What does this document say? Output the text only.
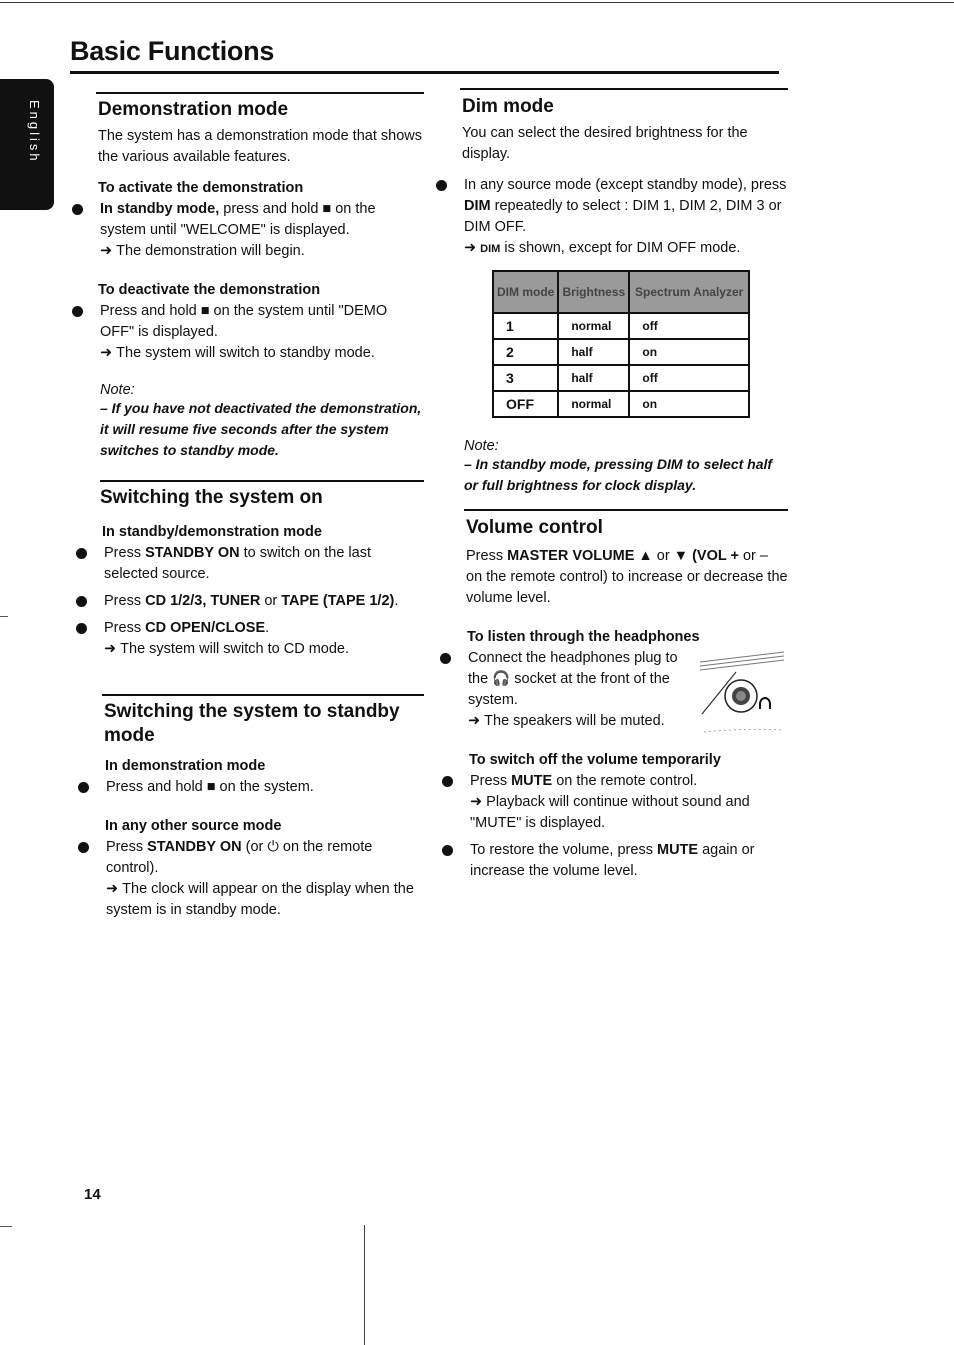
Basic Functions
English	Demonstration mode

The system has a demonstration mode that shows the various available features.

To activate the demonstration
In standby mode, press and hold ■ on the system until "WELCOME" is displayed.
➜ The demonstration will begin.
To deactivate the demonstration
Press and hold ■ on the system until "DEMO OFF" is displayed.
➜ The system will switch to standby mode.
Note:
– If you have not deactivated the demonstration, it will resume five seconds after the system switches to standby mode.
Switching the system on
In standby/demonstration mode
Press STANDBY ON to switch on the last selected source.
Press CD 1/2/3, TUNER or TAPE (TAPE 1/2).
Press CD OPEN/CLOSE.
➜ The system will switch to CD mode.
Switching the system to standby mode
In demonstration mode
Press and hold ■ on the system.
In any other source mode
Press STANDBY ON (or ⏻ on the remote control).
➜ The clock will appear on the display when the system is in standby mode.
Dim mode

You can select the desired brightness for the display.

In any source mode (except standby mode), press DIM repeatedly to select : DIM 1, DIM 2, DIM 3 or DIM OFF.
➜ DIM is shown, except for DIM OFF mode.
DIM mode	Brightness	Spectrum Analyzer
1	normal	off
2	half	on
3	half	off
OFF	normal	on
Note:
– In standby mode, pressing DIM to select half or full brightness for clock display.
Volume control

Press MASTER VOLUME ▲ or ▼ (VOL + or – on the remote control) to increase or decrease the volume level.

To listen through the headphones
Connect the headphones plug to the 🎧 socket at the front of the system.
➜ The speakers will be muted.
To switch off the volume temporarily
Press MUTE on the remote control.
➜ Playback will continue without sound and "MUTE" is displayed.
To restore the volume, press MUTE again or increase the volume level.
14
